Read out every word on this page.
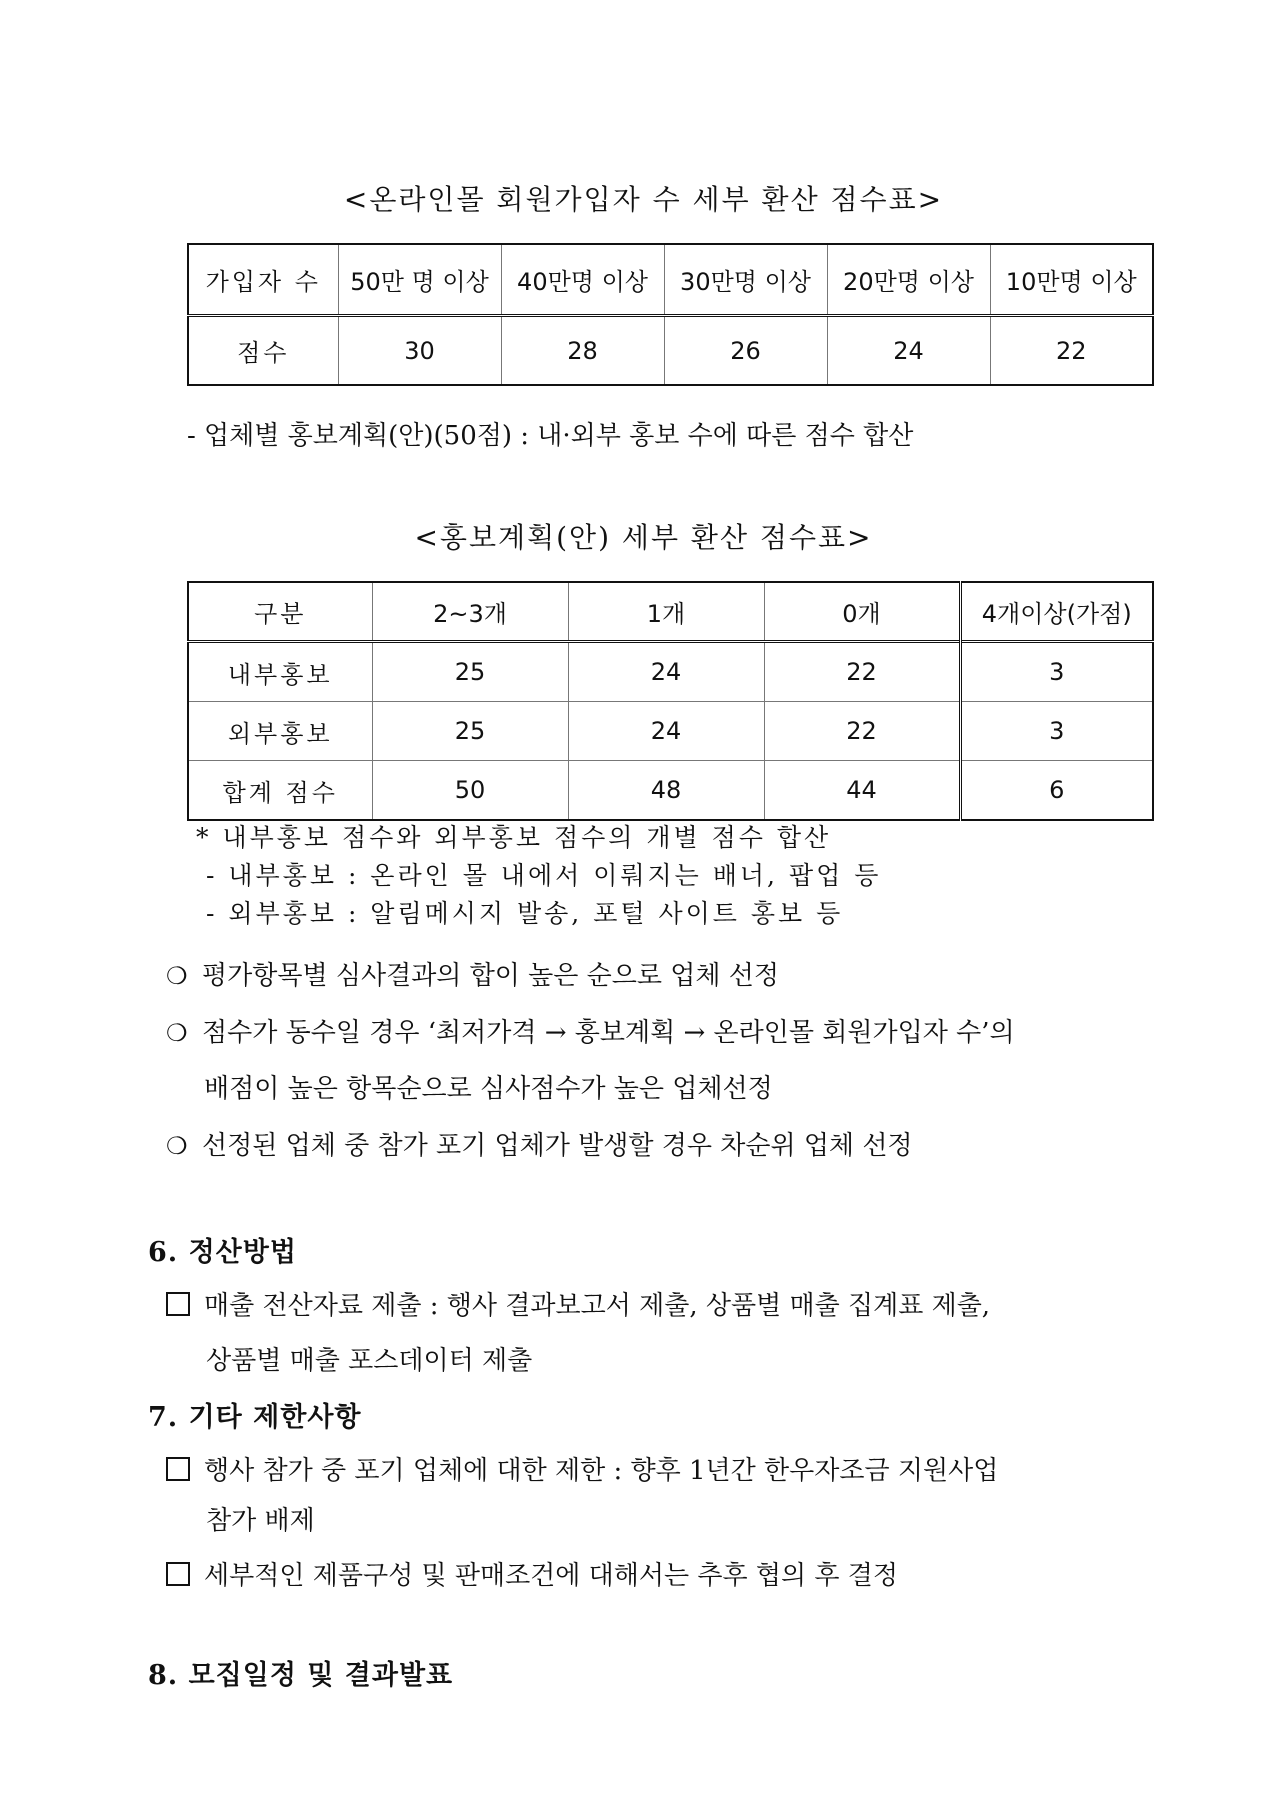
<온라인몰 회원가입자 수 세부 환산 점수표>
가입자 수	50만 명 이상	40만명 이상	30만명 이상	20만명 이상	10만명 이상
점수	30	28	26	24	22
- 업체별 홍보계획(안)(50점) : 내·외부 홍보 수에 따른 점수 합산
<홍보계획(안) 세부 환산 점수표>
구분	2~3개	1개	0개	4개이상(가점)
내부홍보	25	24	22	3
외부홍보	25	24	22	3
합계 점수	50	48	44	6
* 내부홍보 점수와 외부홍보 점수의 개별 점수 합산
- 내부홍보 : 온라인 몰 내에서 이뤄지는 배너, 팝업 등
- 외부홍보 : 알림메시지 발송, 포털 사이트 홍보 등
❍ 평가항목별 심사결과의 합이 높은 순으로 업체 선정
❍ 점수가 동수일 경우 ‘최저가격 → 홍보계획 → 온라인몰 회원가입자 수’의
배점이 높은 항목순으로 심사점수가 높은 업체선정
❍ 선정된 업체 중 참가 포기 업체가 발생할 경우 차순위 업체 선정
6. 정산방법
매출 전산자료 제출 : 행사 결과보고서 제출, 상품별 매출 집계표 제출,
상품별 매출 포스데이터 제출
7. 기타 제한사항
행사 참가 중 포기 업체에 대한 제한 : 향후 1년간 한우자조금 지원사업
참가 배제
세부적인 제품구성 및 판매조건에 대해서는 추후 협의 후 결정
8. 모집일정 및 결과발표
